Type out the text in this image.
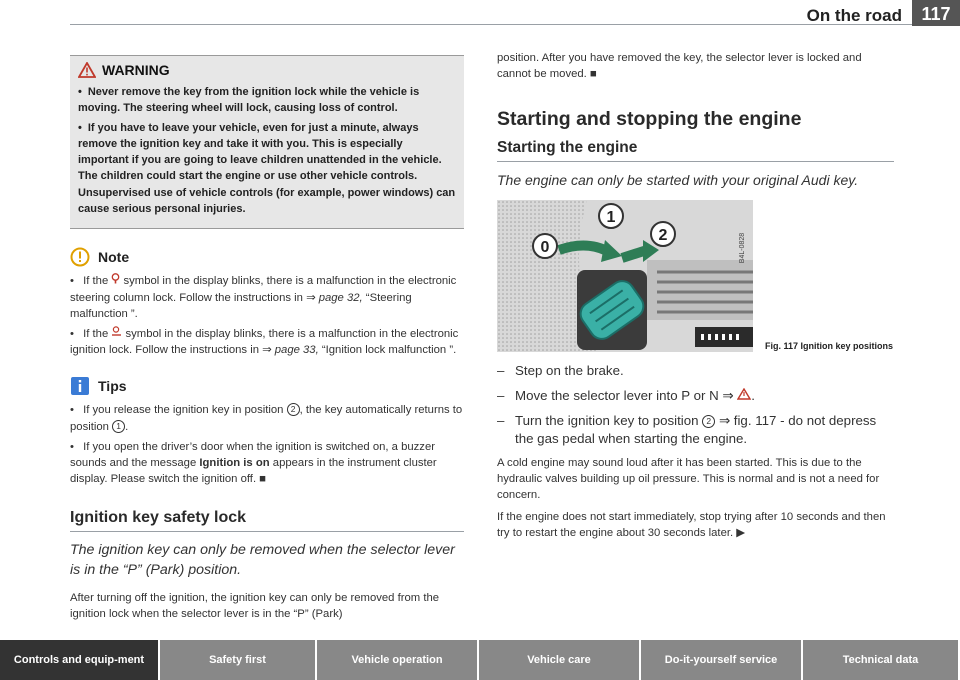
On the road	117
WARNING
• Never remove the key from the ignition lock while the vehicle is moving. The steering wheel will lock, causing loss of control.
• If you have to leave your vehicle, even for just a minute, always remove the ignition key and take it with you. This is especially important if you are going to leave children unattended in the vehicle. The children could start the engine or use other vehicle controls. Unsupervised use of vehicle controls (for example, power windows) can cause serious personal injuries.
Note
• If the  symbol in the display blinks, there is a malfunction in the electronic steering column lock. Follow the instructions in ⇒ page 32, “Steering malfunction ”.
• If the  symbol in the display blinks, there is a malfunction in the electronic ignition lock. Follow the instructions in ⇒ page 33, “Ignition lock malfunction ”.
Tips
• If you release the ignition key in position 2 , the key automatically returns to position 1 .
• If you open the driver’s door when the ignition is switched on, a buzzer sounds and the message Ignition is on appears in the instrument cluster display. Please switch the ignition off. ■
Ignition key safety lock
The ignition key can only be removed when the selector lever is in the “P” (Park) position.

After turning off the ignition, the ignition key can only be removed from the ignition lock when the selector lever is in the “P” (Park)

position. After you have removed the key, the selector lever is locked and cannot be moved. ■

Starting and stopping the engine
Starting the engine
The engine can only be started with your original Audi key.
0
1
2	B4L-0828
Fig. 117 Ignition key positions
– Step on the brake.
– Move the selector lever into P or N ⇒ .
– Turn the ignition key to position 2 ⇒ fig. 117 - do not depress the gas pedal when starting the engine.

A cold engine may sound loud after it has been started. This is due to the hydraulic valves building up oil pressure. This is normal and is not a need for concern.

If the engine does not start immediately, stop trying after 10 seconds and then try to restart the engine about 30 seconds later. ▶

Controls and equip-ment	Safety first	Vehicle operation	Vehicle care	Do-it-yourself service	Technical data
